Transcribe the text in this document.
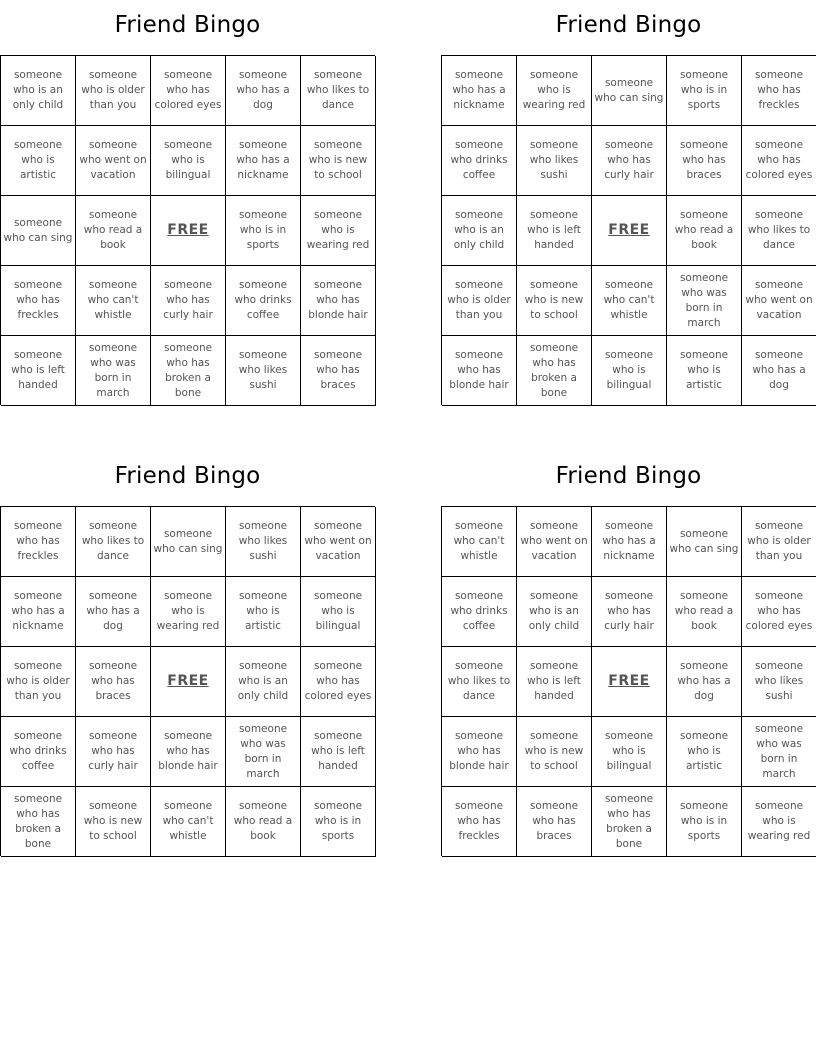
Friend Bingo
someone who is an only child
someone who is older than you
someone who has colored eyes
someone who has a dog
someone who likes to dance
someone who is artistic
someone who went on vacation
someone who is bilingual
someone who has a nickname
someone who is new to school
someone who can sing
someone who read a book
FREE
someone who is in sports
someone who is wearing red
someone who has freckles
someone who can't whistle
someone who has curly hair
someone who drinks coffee
someone who has blonde hair
someone who is left handed
someone who was born in march
someone who has broken a bone
someone who likes sushi
someone who has braces
Friend Bingo
someone who has a nickname
someone who is wearing red
someone who can sing
someone who is in sports
someone who has freckles
someone who drinks coffee
someone who likes sushi
someone who has curly hair
someone who has braces
someone who has colored eyes
someone who is an only child
someone who is left handed
FREE
someone who read a book
someone who likes to dance
someone who is older than you
someone who is new to school
someone who can't whistle
someone who was born in march
someone who went on vacation
someone who has blonde hair
someone who has broken a bone
someone who is bilingual
someone who is artistic
someone who has a dog
Friend Bingo
someone who has freckles
someone who likes to dance
someone who can sing
someone who likes sushi
someone who went on vacation
someone who has a nickname
someone who has a dog
someone who is wearing red
someone who is artistic
someone who is bilingual
someone who is older than you
someone who has braces
FREE
someone who is an only child
someone who has colored eyes
someone who drinks coffee
someone who has curly hair
someone who has blonde hair
someone who was born in march
someone who is left handed
someone who has broken a bone
someone who is new to school
someone who can't whistle
someone who read a book
someone who is in sports
Friend Bingo
someone who can't whistle
someone who went on vacation
someone who has a nickname
someone who can sing
someone who is older than you
someone who drinks coffee
someone who is an only child
someone who has curly hair
someone who read a book
someone who has colored eyes
someone who likes to dance
someone who is left handed
FREE
someone who has a dog
someone who likes sushi
someone who has blonde hair
someone who is new to school
someone who is bilingual
someone who is artistic
someone who was born in march
someone who has freckles
someone who has braces
someone who has broken a bone
someone who is in sports
someone who is wearing red
